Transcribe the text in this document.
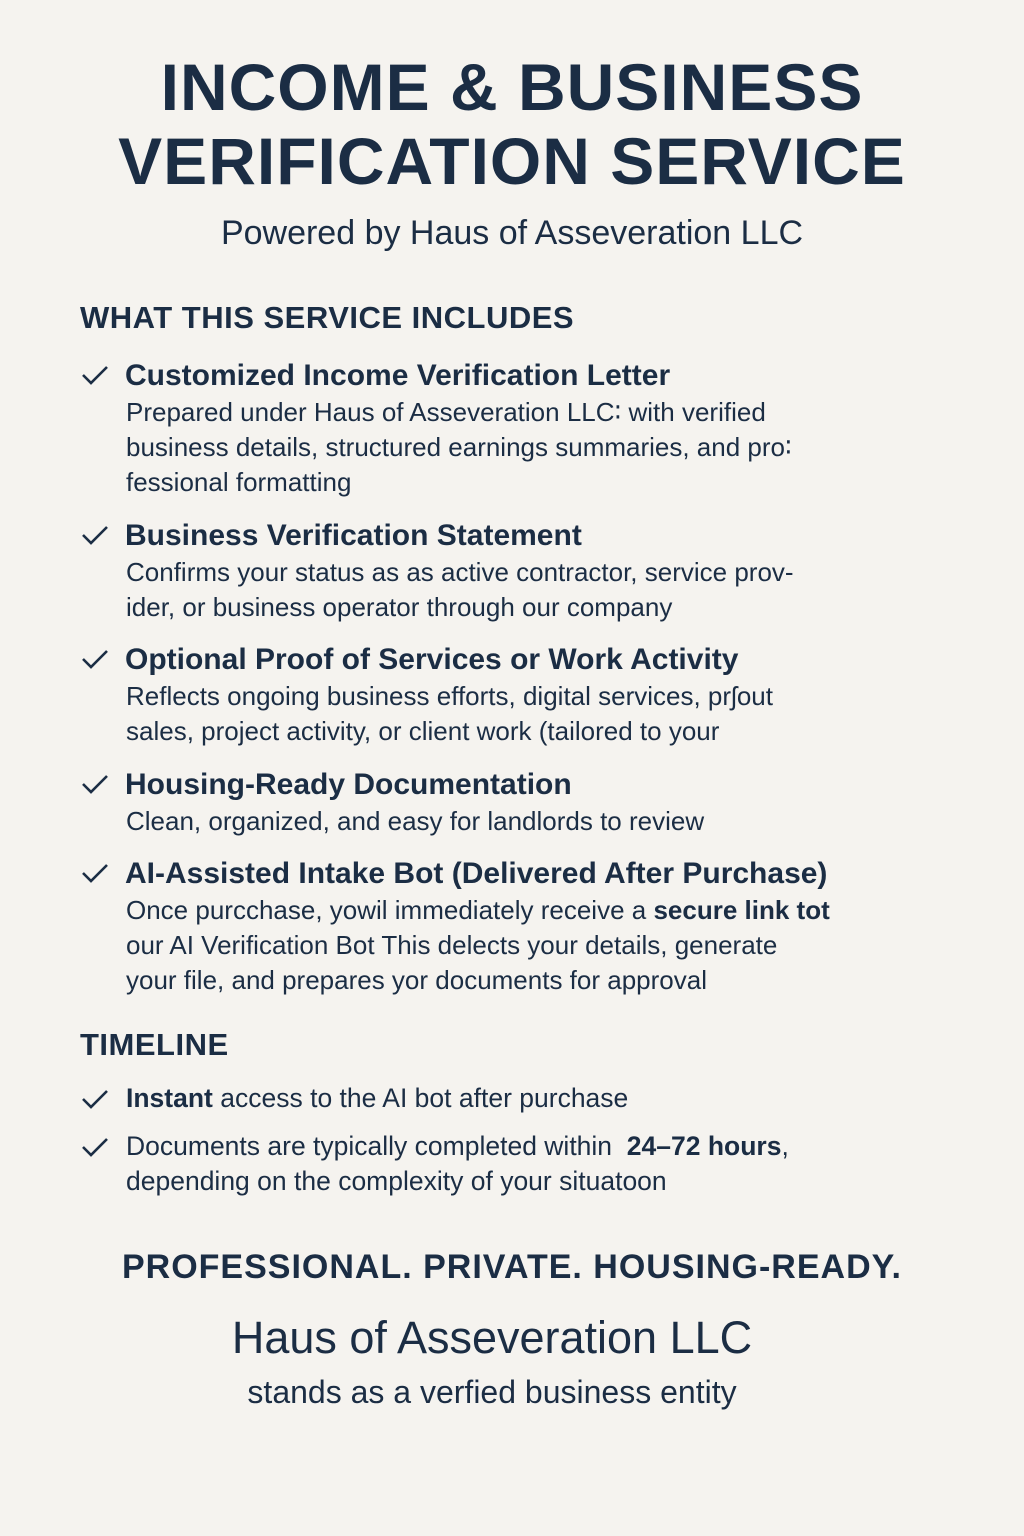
INCOME & BUSINESS
VERIFICATION SERVICE
Powered by Haus of Asseveration LLC
WHAT THIS SERVICE INCLUDES
Customized Income Verification Letter
Prepared under Haus of Asseveration LLC∶ with verified
business details, structured earnings summaries, and pro∶
fessional formatting
Business Verification Statement
Confirms your status as as active contractor, service prov-
ider, or business operator through our company
Optional Proof of Services or Work Activity
Reflects ongoing business efforts, digital services, prʃout
sales, project activity, or client work (tailored to your
Housing-Ready Documentation
Clean, organized, and easy for landlords to review
AI-Assisted Intake Bot (Delivered After Purchase)
Once purcchase, yowil immediately receive a secure link tot
our AI Verification Bot This delects your details, generate
your file, and prepares yor documents for approval
TIMELINE
Instant access to the AI bot after purchase
Documents are typically completed within  24–72 hours,
depending on the complexity of your situatoon
PROFESSIONAL. PRIVATE. HOUSING-READY.
Haus of Asseveration LLC
stands as a verfied business entity
